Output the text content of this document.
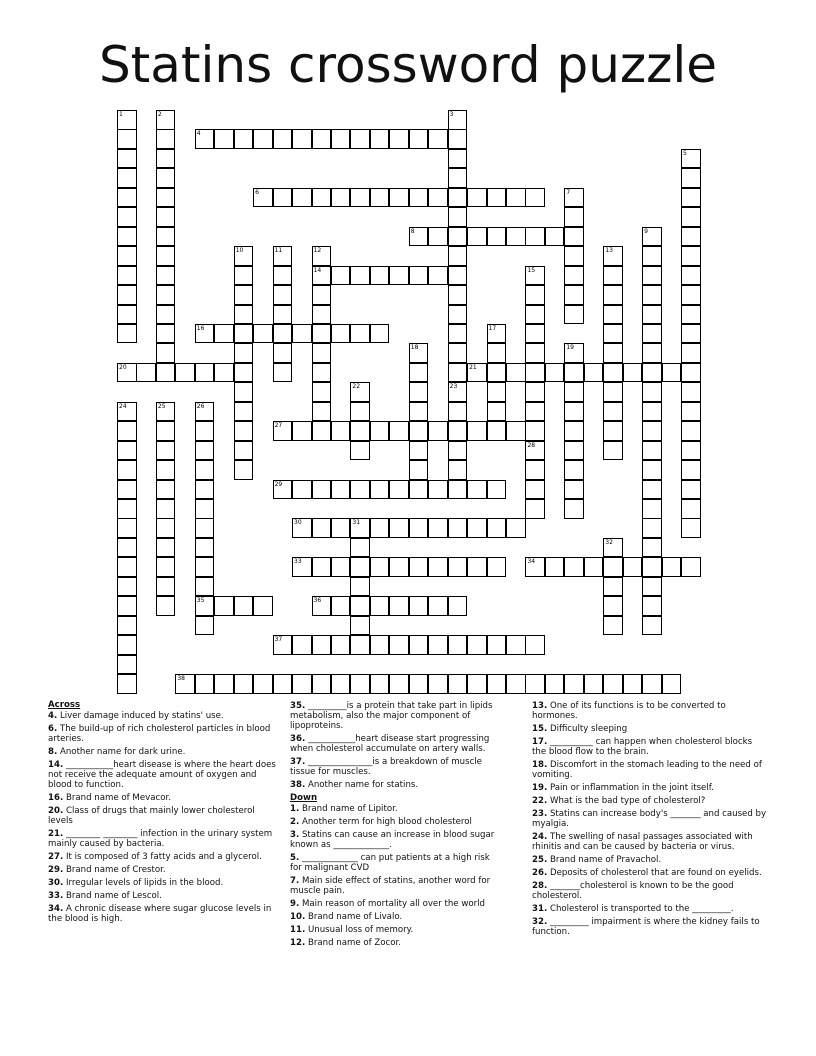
Statins crossword puzzle
1	2	3
23
4
5
6	7
8	9
10	11	12
14
13
15
28
16	17
18	19
20	21
22
24	25	26
35
27
29
30	31
32
33	34
36
37
38
Across
4. Liver damage induced by statins' use.
6. The build-up of rich cholesterol particles in blood arteries.
8. Another name for dark urine.
14. ___________heart disease is where the heart does not receive the adequate amount of oxygen and blood to function.
16. Brand name of Mevacor.
20. Class of drugs that mainly lower cholesterol levels
21. ________ ________ infection in the urinary system mainly caused by bacteria.
27. It is composed of 3 fatty acids and a glycerol.
29. Brand name of Crestor.
30. Irregular levels of lipids in the blood.
33. Brand name of Lescol.
34. A chronic disease where sugar glucose levels in the blood is high.
35. _________is a protein that take part in lipids metabolism, also the major component of lipoproteins.
36. ___________heart disease start progressing when cholesterol accumulate on artery walls.
37. _______________is a breakdown of muscle tissue for muscles.
38. Another name for statins.
Down
1. Brand name of Lipitor.
2. Another term for high blood cholesterol
3. Statins can cause an increase in blood sugar known as _____________.
5. _____________ can put patients at a high risk for malignant CVD
7. Main side effect of statins, another word for muscle pain.
9. Main reason of mortality all over the world
10. Brand name of Livalo.
11. Unusual loss of memory.
12. Brand name of Zocor.
13. One of its functions is to be converted to hormones.
15. Difficulty sleeping
17. __________ can happen when cholesterol blocks the blood flow to the brain.
18. Discomfort in the stomach leading to the need of vomiting.
19. Pain or inflammation in the joint itself.
22. What is the bad type of cholesterol?
23. Statins can increase body's _______ and caused by myalgia.
24. The swelling of nasal passages associated with rhinitis and can be caused by bacteria or virus.
25. Brand name of Pravachol.
26. Deposits of cholesterol that are found on eyelids.
28. _______cholesterol is known to be the good cholesterol.
31. Cholesterol is transported to the _________.
32. _________ impairment is where the kidney fails to function.
